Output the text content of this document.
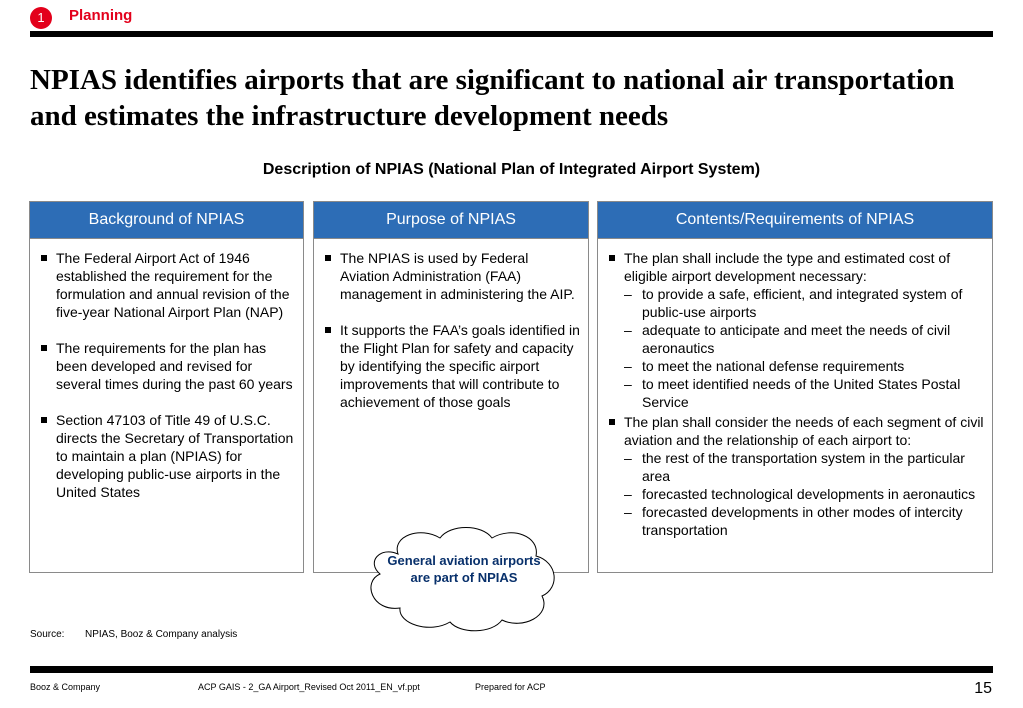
1	Planning
NPIAS identifies airports that are significant to national air transportation and estimates the infrastructure development needs
Description of NPIAS (National Plan of Integrated Airport System)
Background of NPIAS
The Federal Airport Act of 1946 established the requirement for the formulation and annual revision of the five-year National Airport Plan (NAP)
The requirements for the plan has been developed and revised for several times during the past 60 years
Section 47103 of Title 49 of U.S.C. directs the Secretary of Transportation to maintain a plan (NPIAS) for developing public-use airports in the United States
Purpose of NPIAS
The NPIAS is used by Federal Aviation Administration (FAA) management in administering the AIP.
It supports the FAA’s goals identified in the Flight Plan for safety and capacity by identifying the specific airport improvements that will contribute to achievement of those goals
Contents/Requirements of NPIAS
The plan shall include the type and estimated cost of eligible airport development necessary:
– to provide a safe, efficient, and integrated system of public-use airports
– adequate to anticipate and meet the needs of civil aeronautics
– to meet the national defense requirements
– to meet identified needs of the United States Postal Service
The plan shall consider the needs of each segment of civil aviation and the relationship of each airport to:
– the rest of the transportation system in the particular area
– forecasted technological developments in aeronautics
– forecasted developments in other modes of intercity transportation
General aviation airports are part of NPIAS
Source: NPIAS, Booz & Company analysis
Booz & Company	ACP GAIS - 2_GA Airport_Revised Oct 2011_EN_vf.ppt	Prepared for ACP	15
